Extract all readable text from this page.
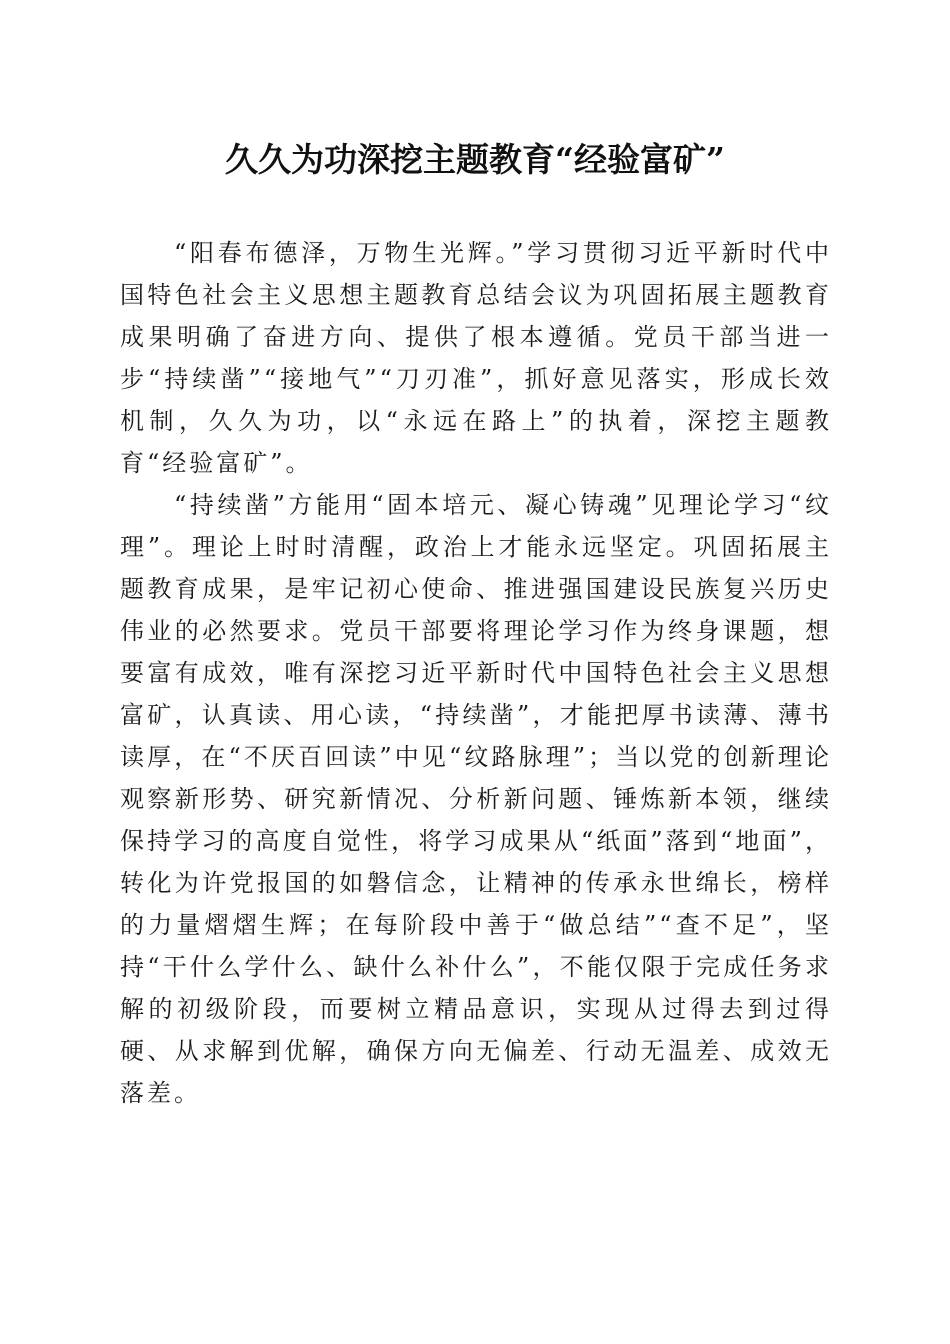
久久为功深挖主题教育“经验富矿”

“阳春布德泽，万物生光辉。”学习贯彻习近平新时代中国特色社会主义思想主题教育总结会议为巩固拓展主题教育成果明确了奋进方向、提供了根本遵循。党员干部当进一步“持续凿”“接地气”“刀刃准”，抓好意见落实，形成长效机制，久久为功，以“永远在路上”的执着，深挖主题教育“经验富矿”。

“持续凿”方能用“固本培元、凝心铸魂”见理论学习“纹理”。理论上时时清醒，政治上才能永远坚定。巩固拓展主题教育成果，是牢记初心使命、推进强国建设民族复兴历史伟业的必然要求。党员干部要将理论学习作为终身课题，想要富有成效，唯有深挖习近平新时代中国特色社会主义思想富矿，认真读、用心读，“持续凿”，才能把厚书读薄、薄书读厚，在“不厌百回读”中见“纹路脉理”；当以党的创新理论观察新形势、研究新情况、分析新问题、锤炼新本领，继续保持学习的高度自觉性，将学习成果从“纸面”落到“地面”，转化为许党报国的如磐信念，让精神的传承永世绵长，榜样的力量熠熠生辉；在每阶段中善于“做总结”“查不足”，坚持“干什么学什么、缺什么补什么”，不能仅限于完成任务求解的初级阶段，而要树立精品意识，实现从过得去到过得硬、从求解到优解，确保方向无偏差、行动无温差、成效无落差。
